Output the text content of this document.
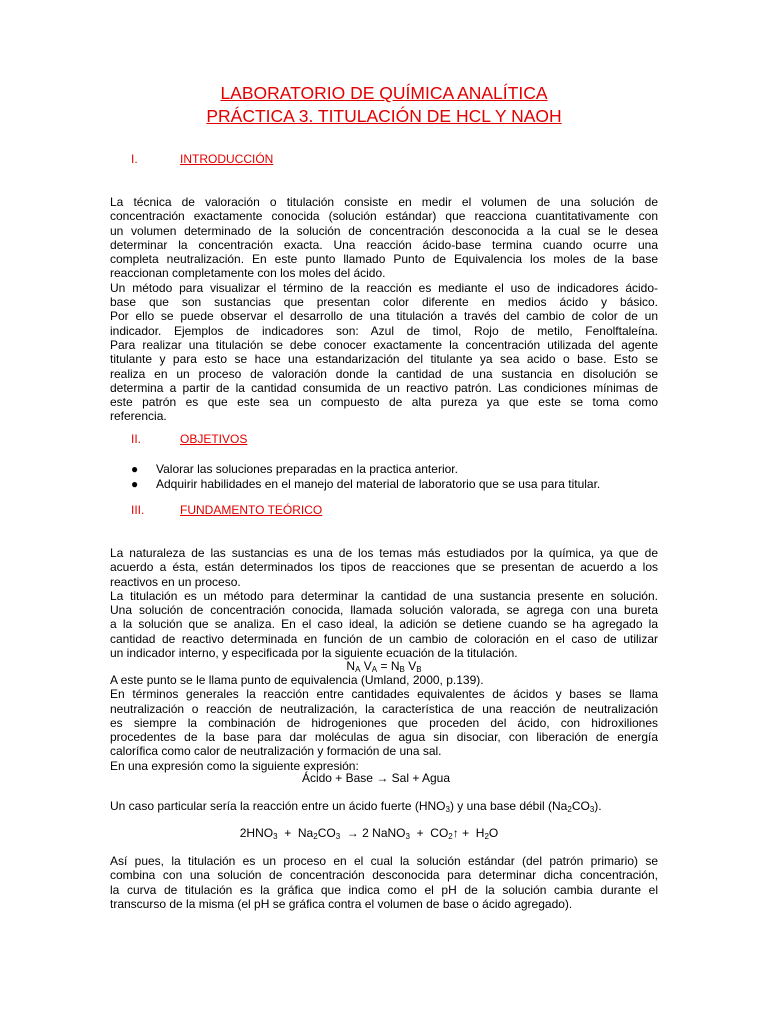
LABORATORIO DE QUÍMICA ANALÍTICA
PRÁCTICA 3. TITULACIÓN DE HCL Y NAOH
I.	INTRODUCCIÓN
La técnica de valoración o titulación consiste en medir el volumen de una solución de
concentración exactamente conocida (solución estándar) que reacciona cuantitativamente con
un volumen determinado de la solución de concentración desconocida a la cual se le desea
determinar la concentración exacta. Una reacción ácido-base termina cuando ocurre una
completa neutralización. En este punto llamado Punto de Equivalencia los moles de la base
reaccionan completamente con los moles del ácido.
Un método para visualizar el término de la reacción es mediante el uso de indicadores ácido-
base que son sustancias que presentan color diferente en medios ácido y básico.
Por ello se puede observar el desarrollo de una titulación a través del cambio de color de un
indicador. Ejemplos de indicadores son: Azul de timol, Rojo de metilo, Fenolftaleína.
Para realizar una titulación se debe conocer exactamente la concentración utilizada del agente
titulante y para esto se hace una estandarización del titulante ya sea acido o base. Esto se
realiza en un proceso de valoración donde la cantidad de una sustancia en disolución se
determina a partir de la cantidad consumida de un reactivo patrón. Las condiciones mínimas de
este patrón es que este sea un compuesto de alta pureza ya que este se toma como
referencia.
II.	OBJETIVOS
● Valorar las soluciones preparadas en la practica anterior.
● Adquirir habilidades en el manejo del material de laboratorio que se usa para titular.
III.	FUNDAMENTO TEÓRICO
La naturaleza de las sustancias es una de los temas más estudiados por la química, ya que de
acuerdo a ésta, están determinados los tipos de reacciones que se presentan de acuerdo a los
reactivos en un proceso.
La titulación es un método para determinar la cantidad de una sustancia presente en solución.
Una solución de concentración conocida, llamada solución valorada, se agrega con una bureta
a la solución que se analiza. En el caso ideal, la adición se detiene cuando se ha agregado la
cantidad de reactivo determinada en función de un cambio de coloración en el caso de utilizar
un indicador interno, y especificada por la siguiente ecuación de la titulación.
$N_A$ $V_A = N_B$ $V_B$
A este punto se le llama punto de equivalencia (Umland, 2000, p.139).
En términos generales la reacción entre cantidades equivalentes de ácidos y bases se llama
neutralización o reacción de neutralización, la característica de una reacción de neutralización
es siempre la combinación de hidrogeniones que proceden del ácido, con hidroxiliones
procedentes de la base para dar moléculas de agua sin disociar, con liberación de energía
calorífica como calor de neutralización y formación de una sal.
En una expresión como la siguiente expresión:
Ácido + Base → Sal + Agua
Un caso particular sería la reacción entre un ácido fuerte $(HNO_3)$ y una base débil $(Na_2CO_3)$.
$2HNO_3 + Na_2CO_3 \to 2$ NaNO$_3$  +  $CO_2↑ + H_2O$
Así pues, la titulación es un proceso en el cual la solución estándar (del patrón primario) se
combina con una solución de concentración desconocida para determinar dicha concentración,
la curva de titulación es la gráfica que indica como el pH de la solución cambia durante el
transcurso de la misma (el pH se gráfica contra el volumen de base o ácido agregado).
